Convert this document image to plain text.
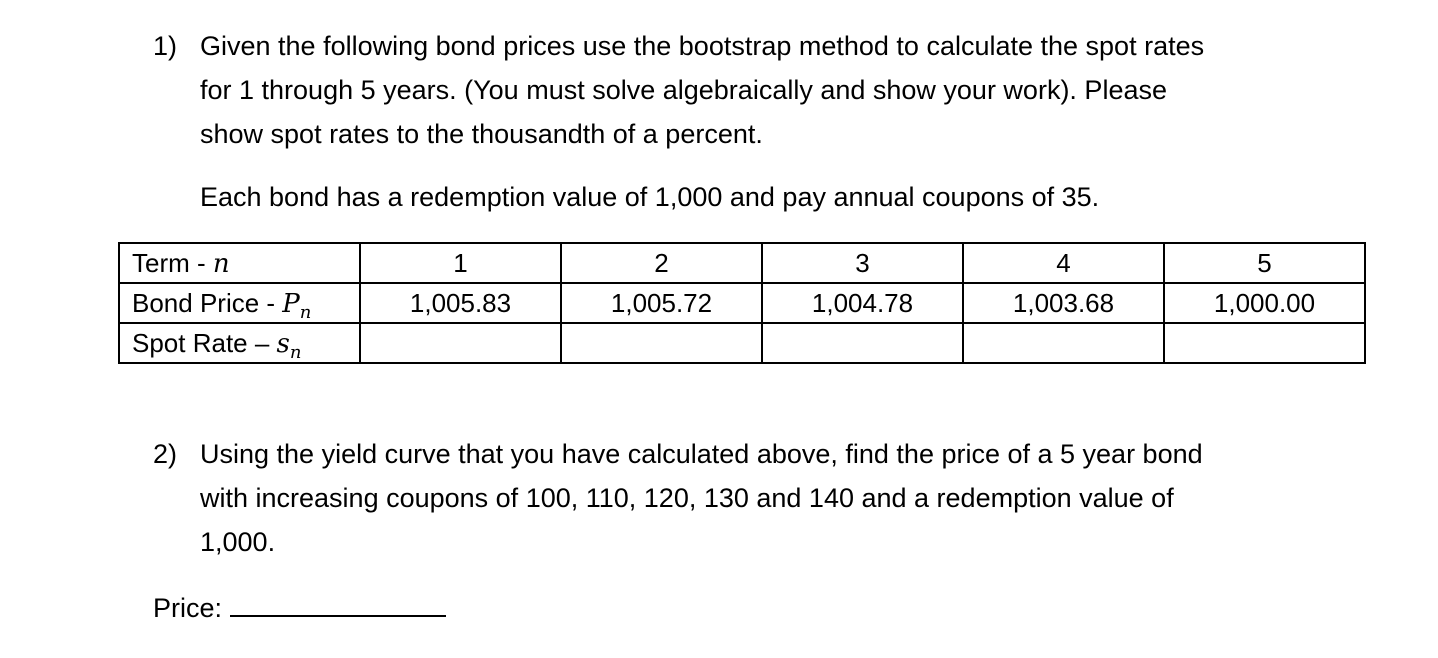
1) Given the following bond prices use the bootstrap method to calculate the spot rates
for 1 through 5 years. (You must solve algebraically and show your work). Please
show spot rates to the thousandth of a percent.
Each bond has a redemption value of 1,000 and pay annual coupons of 35.
Term - n	1	2	3	4	5
Bond Price - $P_n$	1,005.83	1,005.72	1,004.78	1,003.68	1,000.00
Spot Rate – $s_n$					
2) Using the yield curve that you have calculated above, find the price of a 5 year bond
with increasing coupons of 100, 110, 120, 130 and 140 and a redemption value of
1,000.
Price:
